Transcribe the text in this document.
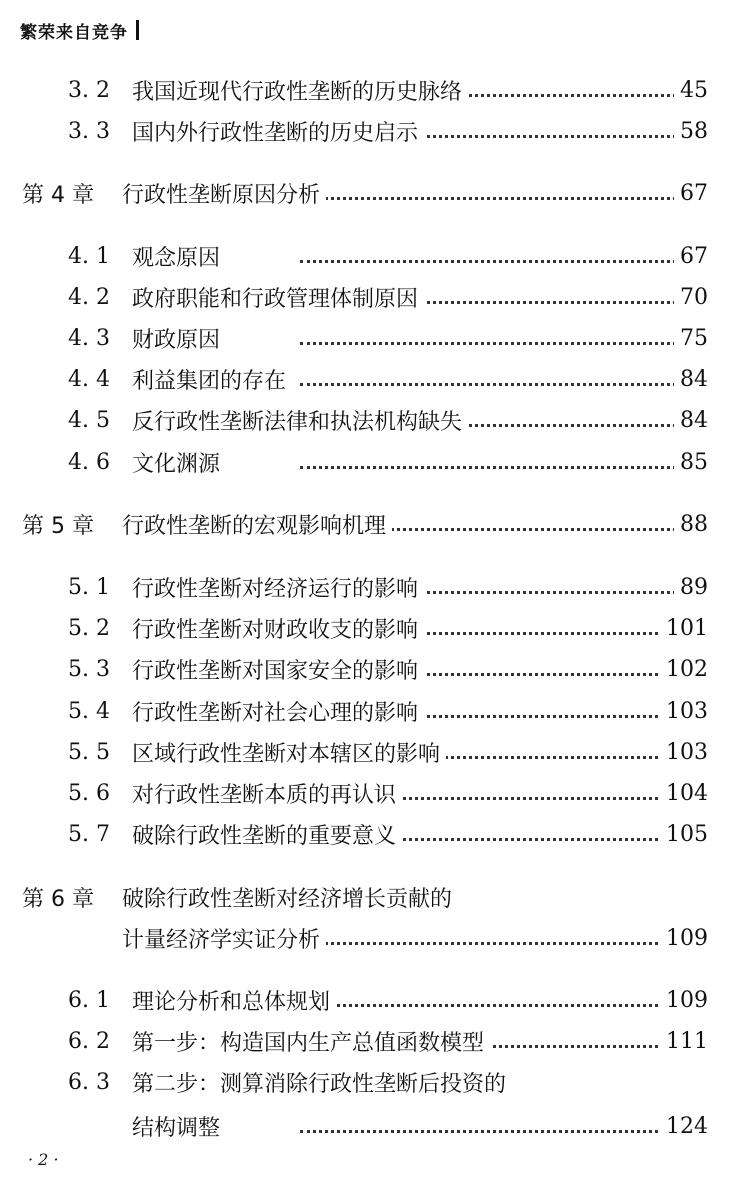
繁荣来自竞争
3. 2	我国近现代行政性垄断的历史脉络	45
3. 3	国内外行政性垄断的历史启示	58
第 4 章	行政性垄断原因分析	67
4. 1	观念原因	67
4. 2	政府职能和行政管理体制原因	70
4. 3	财政原因	75
4. 4	利益集团的存在	84
4. 5	反行政性垄断法律和执法机构缺失	84
4. 6	文化渊源	85
第 5 章	行政性垄断的宏观影响机理	88
5. 1	行政性垄断对经济运行的影响	89
5. 2	行政性垄断对财政收支的影响	101
5. 3	行政性垄断对国家安全的影响	102
5. 4	行政性垄断对社会心理的影响	103
5. 5	区域行政性垄断对本辖区的影响	103
5. 6	对行政性垄断本质的再认识	104
5. 7	破除行政性垄断的重要意义	105
第 6 章	破除行政性垄断对经济增长贡献的
计量经济学实证分析	109
6. 1	理论分析和总体规划	109
6. 2	第一步：构造国内生产总值函数模型	111
6. 3	第二步：测算消除行政性垄断后投资的
结构调整	124
· 2 ·
